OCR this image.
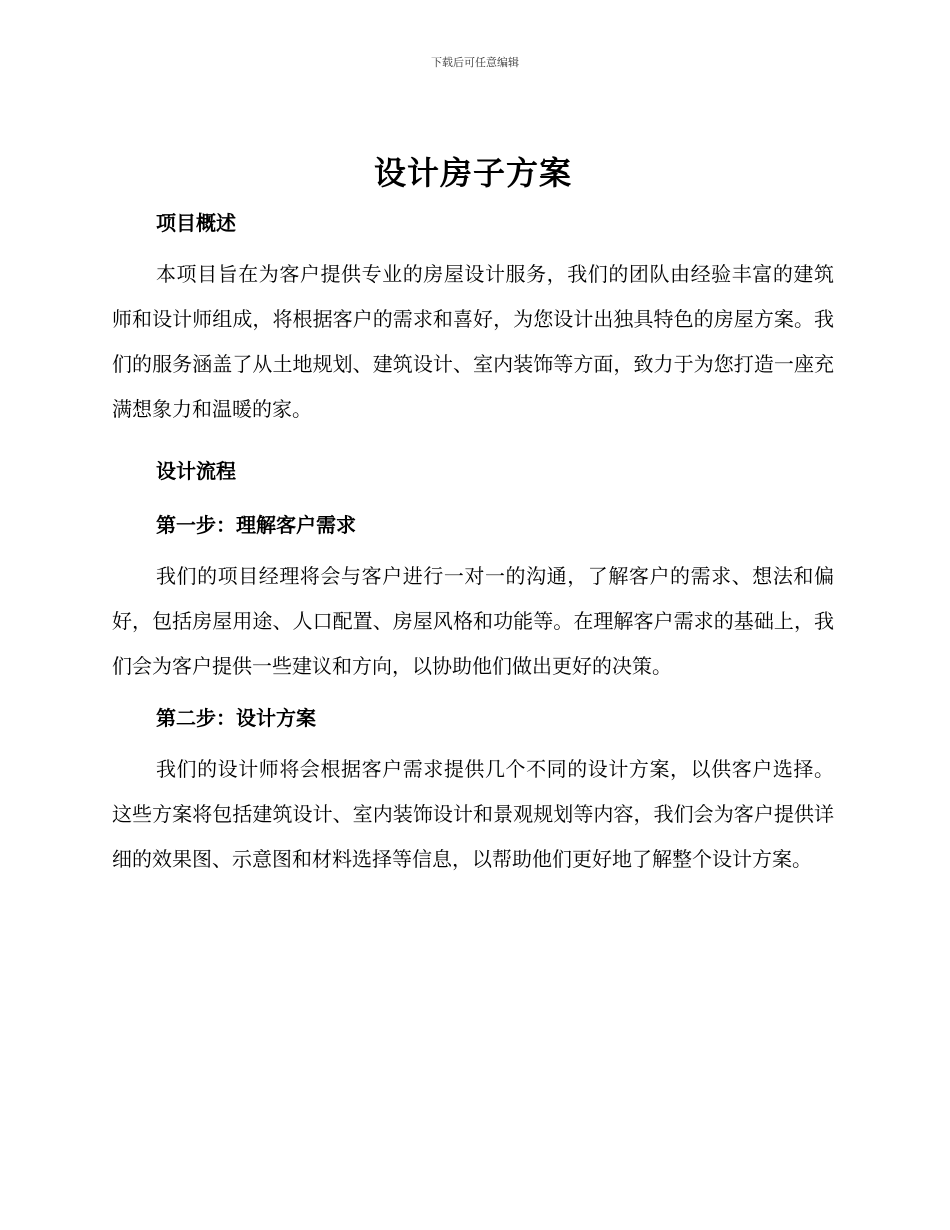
下载后可任意编辑
设计房子方案
项目概述

本项目旨在为客户提供专业的房屋设计服务，我们的团队由经验丰富的建筑师和设计师组成，将根据客户的需求和喜好，为您设计出独具特色的房屋方案。我们的服务涵盖了从土地规划、建筑设计、室内装饰等方面，致力于为您打造一座充满想象力和温暖的家。

设计流程
第一步：理解客户需求

我们的项目经理将会与客户进行一对一的沟通，了解客户的需求、想法和偏好，包括房屋用途、人口配置、房屋风格和功能等。在理解客户需求的基础上，我们会为客户提供一些建议和方向，以协助他们做出更好的决策。

第二步：设计方案

我们的设计师将会根据客户需求提供几个不同的设计方案，以供客户选择。这些方案将包括建筑设计、室内装饰设计和景观规划等内容，我们会为客户提供详细的效果图、示意图和材料选择等信息，以帮助他们更好地了解整个设计方案。
